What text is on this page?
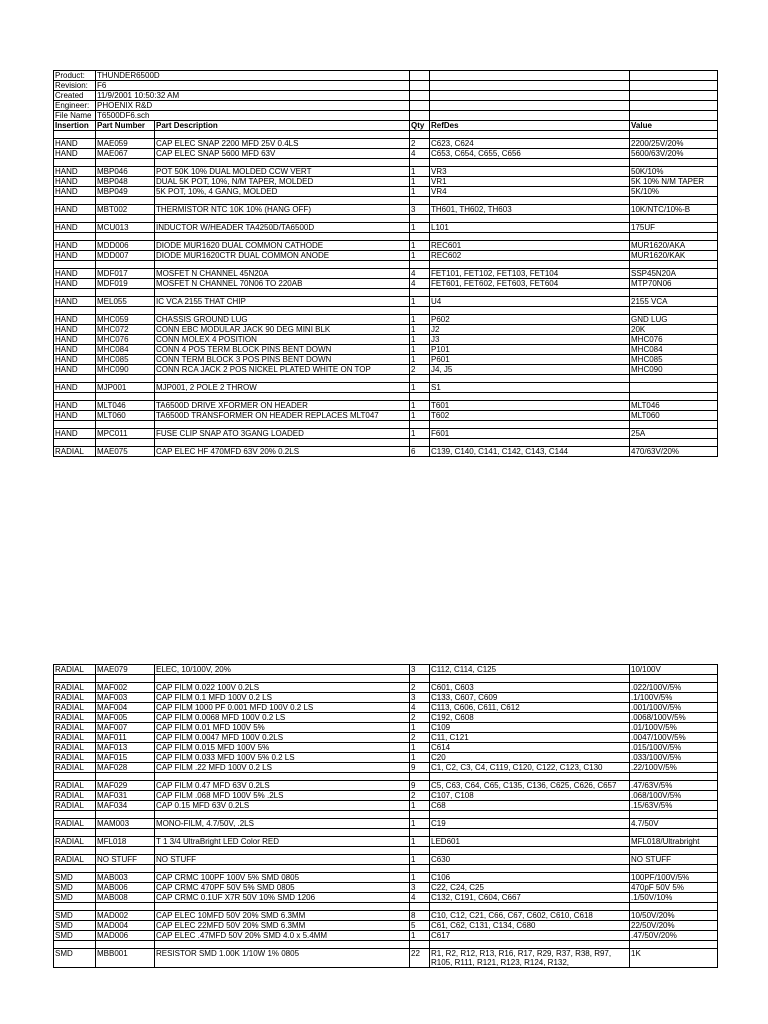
Product:	THUNDER6500D				
Revision:	F6				
Created	11/9/2001 10:50:32 AM				
Engineer:	PHOENIX R&D				
File Name	T6500DF6.sch				
Insertion	Part Number	Part Description	Qty	RefDes	Value

HAND	MAE059	CAP ELEC SNAP 2200 MFD 25V 0.4LS	2	C623, C624	2200/25V/20%
HAND	MAE067	CAP ELEC SNAP 5600 MFD 63V	4	C653, C654, C655, C656	5600/63V/20%

HAND	MBP046	POT 50K 10% DUAL MOLDED CCW VERT	1	VR3	50K/10%
HAND	MBP048	DUAL 5K POT, 10%, N/M TAPER, MOLDED	1	VR1	5K 10% N/M TAPER
HAND	MBP049	5K POT, 10%, 4 GANG, MOLDED	1	VR4	5K/10%

HAND	MBT002	THERMISTOR NTC 10K 10% (HANG OFF)	3	TH601, TH602, TH603	10K/NTC/10%-B

HAND	MCU013	INDUCTOR W/HEADER TA4250D/TA6500D	1	L101	175UF

HAND	MDD006	DIODE MUR1620 DUAL COMMON CATHODE	1	REC601	MUR1620/AKA
HAND	MDD007	DIODE MUR1620CTR DUAL COMMON ANODE	1	REC602	MUR1620/KAK

HAND	MDF017	MOSFET N CHANNEL 45N20A	4	FET101, FET102, FET103, FET104	SSP45N20A
HAND	MDF019	MOSFET N CHANNEL 70N06 TO 220AB	4	FET601, FET602, FET603, FET604	MTP70N06

HAND	MEL055	IC VCA 2155 THAT CHIP	1	U4	2155 VCA

HAND	MHC059	CHASSIS GROUND LUG	1	P602	GND LUG
HAND	MHC072	CONN EBC MODULAR JACK 90 DEG MINI BLK	1	J2	20K
HAND	MHC076	CONN MOLEX 4 POSITION	1	J3	MHC076
HAND	MHC084	CONN 4 POS TERM BLOCK PINS BENT DOWN	1	P101	MHC084
HAND	MHC085	CONN TERM BLOCK 3 POS PINS BENT DOWN	1	P601	MHC085
HAND	MHC090	CONN RCA JACK 2 POS NICKEL PLATED WHITE ON TOP	2	J4, J5	MHC090

HAND	MJP001	MJP001, 2 POLE 2 THROW	1	S1	

HAND	MLT046	TA6500D DRIVE XFORMER ON HEADER	1	T601	MLT046
HAND	MLT060	TA6500D TRANSFORMER ON HEADER REPLACES MLT047	1	T602	MLT060

HAND	MPC011	FUSE CLIP SNAP ATO 3GANG LOADED	1	F601	25A

RADIAL	MAE075	CAP ELEC HF 470MFD 63V 20% 0.2LS	6	C139, C140, C141, C142, C143, C144	470/63V/20%
RADIAL	MAE079	ELEC, 10/100V, 20%	3	C112, C114, C125	10/100V

RADIAL	MAF002	CAP FILM 0.022 100V 0.2LS	2	C601, C603	.022/100V/5%
RADIAL	MAF003	CAP FILM 0.1 MFD 100V 0.2 LS	3	C133, C607, C609	.1/100V/5%
RADIAL	MAF004	CAP FILM 1000 PF 0.001 MFD 100V 0.2 LS	4	C113, C606, C611, C612	.001/100V/5%
RADIAL	MAF005	CAP FILM 0.0068 MFD 100V 0.2 LS	2	C192, C608	.0068/100V/5%
RADIAL	MAF007	CAP FILM 0.01 MFD 100V 5%	1	C109	.01/100V/5%
RADIAL	MAF011	CAP FILM 0.0047 MFD 100V 0.2LS	2	C11, C121	.0047/100V/5%
RADIAL	MAF013	CAP FILM 0.015 MFD 100V 5%	1	C614	.015/100V/5%
RADIAL	MAF015	CAP FILM 0.033 MFD 100V 5% 0.2 LS	1	C20	.033/100V/5%
RADIAL	MAF028	CAP FILM .22 MFD 100V 0.2 LS	9	C1, C2, C3, C4, C119, C120, C122, C123, C130	.22/100V/5%

RADIAL	MAF029	CAP FILM 0.47 MFD 63V 0.2LS	9	C5, C63, C64, C65, C135, C136, C625, C626, C657	.47/63V/5%
RADIAL	MAF031	CAP FILM .068 MFD 100V 5% .2LS	2	C107, C108	.068/100V/5%
RADIAL	MAF034	CAP 0.15 MFD 63V 0.2LS	1	C68	.15/63V/5%

RADIAL	MAM003	MONO-FILM, 4.7/50V, .2LS	1	C19	4.7/50V

RADIAL	MFL018	T 1 3/4 UltraBright LED Color RED	1	LED601	MFL018/Ultrabright

RADIAL	NO STUFF	NO STUFF	1	C630	NO STUFF

SMD	MAB003	CAP CRMC 100PF 100V 5% SMD 0805	1	C106	100PF/100V/5%
SMD	MAB006	CAP CRMC 470PF 50V 5% SMD 0805	3	C22, C24, C25	470pF 50V 5%
SMD	MAB008	CAP CRMC 0.1UF X7R 50V 10% SMD 1206	4	C132, C191, C604, C667	.1/50V/10%

SMD	MAD002	CAP ELEC 10MFD 50V 20% SMD 6.3MM	8	C10, C12, C21, C66, C67, C602, C610, C618	10/50V/20%
SMD	MAD004	CAP ELEC 22MFD 50V 20% SMD 6.3MM	5	C61, C62, C131, C134, C680	22/50V/20%
SMD	MAD006	CAP ELEC .47MFD 50V 20% SMD 4.0 x 5.4MM	1	C617	.47/50V/20%

SMD	MBB001	RESISTOR SMD 1.00K 1/10W 1% 0805	22	R1, R2, R12, R13, R16, R17, R29, R37, R38, R97, R105, R111, R121, R123, R124, R132,	1K
